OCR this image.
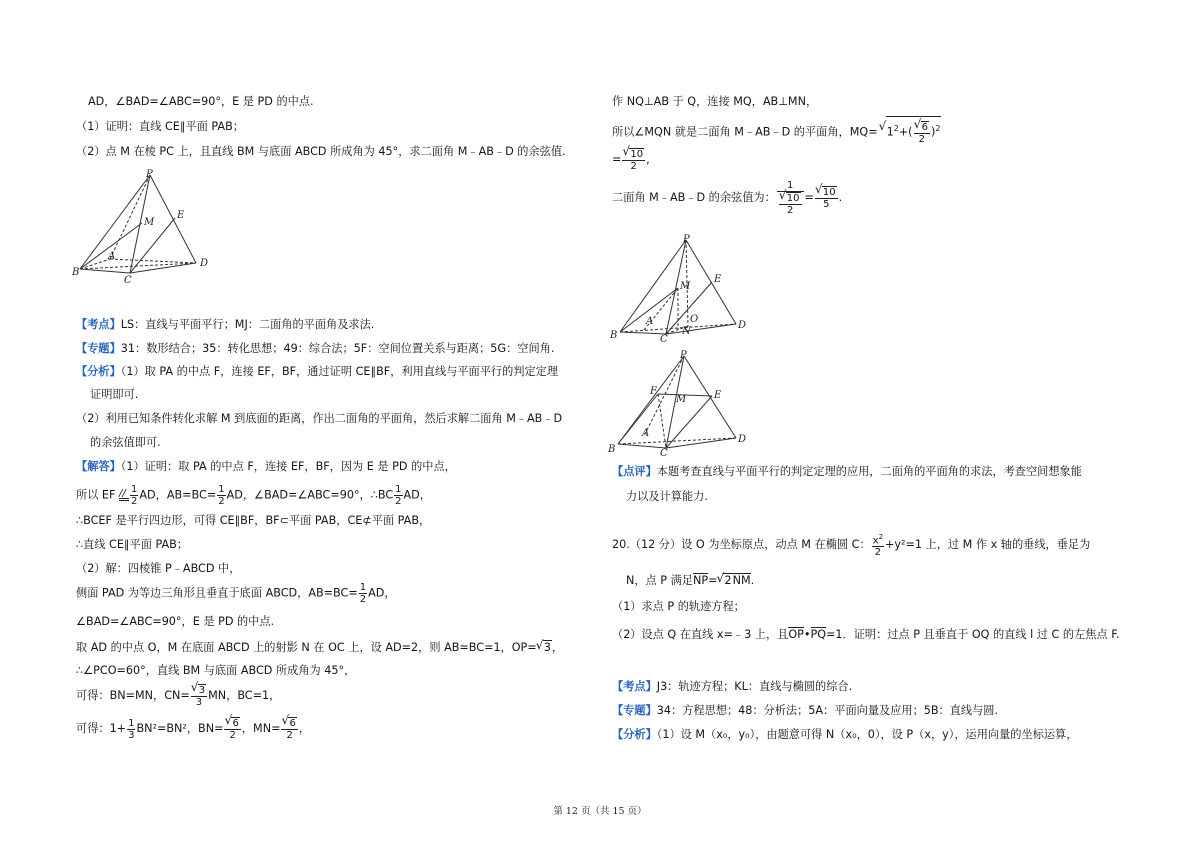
AD，∠BAD=∠ABC=90°，E 是 PD 的中点.
（1）证明：直线 CE∥平面 PAB；
（2）点 M 在棱 PC 上，且直线 BM 与底面 ABCD 所成角为 45°，求二面角 M﹣AB﹣D 的余弦值.
P
M
E
A
B
C
D
【考点】LS：直线与平面平行；MJ：二面角的平面角及求法.
【专题】31：数形结合；35：转化思想；49：综合法；5F：空间位置关系与距离；5G：空间角.
【分析】（1）取 PA 的中点 F，连接 EF，BF，通过证明 CE∥BF，利用直线与平面平行的判定定理
证明即可.
（2）利用已知条件转化求解 M 到底面的距离，作出二面角的平面角，然后求解二面角 M﹣AB﹣D
的余弦值即可.
【解答】（1）证明：取 PA 的中点 F，连接 EF，BF，因为 E 是 PD 的中点，
所以 EF // $\frac{1}{2}$ AD，$AB=BC= \frac{1}{2}$ AD，∠BAD=∠ABC=90°，∴BC $\frac{1}{2}$ AD，
∴BCEF 是平行四边形，可得 CE∥BF，BF⊂平面 PAB，CE⊄平面 PAB，
∴直线 CE∥平面 PAB；
（2）解：四棱锥 P﹣ABCD 中，
侧面 PAD 为等边三角形且垂直于底面 ABCD，$AB=BC= \frac{1}{2}$ AD，
∠BAD=∠ABC=90°，E 是 PD 的中点.
取 AD 的中点 O，M 在底面 ABCD 上的射影 N 在 OC 上，设 AD=2，则 AB=BC=1，OP= √ 3，
∴∠PCO=60°，直线 BM 与底面 ABCD 所成角为 45°，
可得：BN=MN，CN= √ $\frac{3}{3}$ MN，BC=1，
可得：$1+ \frac{1}{3} BN^2=BN^2$，BN= √ $\frac{6}{2}$ ，MN= √ $\frac{6}{2}$ ，
作 NQ⊥AB 于 Q，连接 MQ，AB⊥MN，
所以∠MQN 就是二面角 M﹣AB﹣D 的平面角，MQ= √ $1^2+$( √ $\frac{6}{2} )^2$
= √ $\frac{10}{2}$ ,
二面角 M﹣AB﹣D 的余弦值为： 1
√ $\frac{10}{2}$ = √ $\frac{10}{5}$ .
P
M
E
O
N
A
B	C
D
P
F
M	E
A
B	C
D
【点评】本题考查直线与平面平行的判定定理的应用，二面角的平面角的求法，考查空间想象能
力以及计算能力.
20.（12 分）设 O 为坐标原点，动点 M 在椭圆 C： $\frac{x^2}{2} +y^2=1$ 上，过 M 作 x 轴的垂线，垂足为
N，点 P 满足NP= √ 2NM.
（1）求点 P 的轨迹方程；
（2）设点 Q 在直线 x=﹣3 上，且OP•PQ=1．证明：过点 P 且垂直于 OQ 的直线 l 过 C 的左焦点 F.
【考点】J3：轨迹方程；KL：直线与椭圆的综合.
【专题】34：方程思想；48：分析法；5A：平面向量及应用；5B：直线与圆.
【分析】（1）设 M（x₀，y₀），由题意可得 N（x₀，0），设 P（x，y），运用向量的坐标运算，
第 12 页（共 15 页）
